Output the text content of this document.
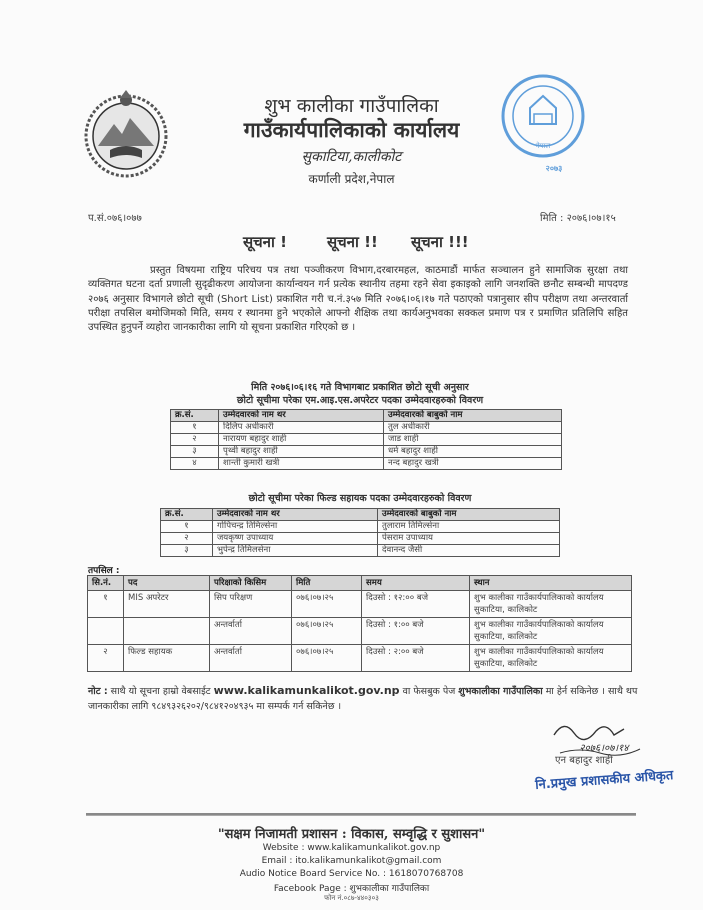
नेपाल
२०७३
शुभ कालीका गाउँपालिका
गाउँकार्यपालिकाको कार्यालय
सुकाटिया,कालीकोट
कर्णाली प्रदेश,नेपाल
प.सं.०७६।०७७	मिति : २०७६।०७।१५
सूचना !	सूचना !! सूचना !!!

प्रस्तुत विषयमा राष्ट्रिय परिचय पत्र तथा पञ्जीकरण विभाग,दरबारमहल, काठमाडौं मार्फत सञ्चालन हुने सामाजिक सुरक्षा तथा व्यक्तिगत घटना दर्ता प्रणाली सुदृढीकरण आयोजना कार्यान्वयन गर्न प्रत्येक स्थानीय तहमा रहने सेवा इकाइको लागि जनशक्ति छनौट सम्बन्धी मापदण्ड २०७६ अनुसार विभागले छोटो सूची (Short List) प्रकाशित गरी च.नं.३५७ मिति २०७६।०६।१७ गते पठाएको पत्रानुसार सीप परीक्षण तथा अन्तरवार्ता परीक्षा तपसिल बमोजिमको मिति, समय र स्थानमा हुने भएकोले आफ्नो शैक्षिक तथा कार्यअनुभवका सक्कल प्रमाण पत्र र प्रमाणित प्रतिलिपि सहित उपस्थित हुनुपर्ने व्यहोरा जानकारीका लागि यो सूचना प्रकाशित गरिएको छ ।

मिति २०७६।०६।१६ गते विभागबाट प्रकाशित छोटो सूची अनुसार
छोटो सूचीमा परेका एम.आइ.एस.अपरेटर पदका उम्मेदवारहरुको विवरण
क्र.सं.	उम्मेदवारको नाम थर	उम्मेदवारको बाबुको नाम
१	दिलिप अधीकारी	तुल अधीकारी
२	नारायण बहादुर शाही	जाड शाही
३	पृथ्वी बहादुर शाही	धर्म बहादुर शाही
४	शान्ती कुमारी खत्री	नन्द बहादुर खत्री
छोटो सूचीमा परेका फिल्ड सहायक पदका उम्मेदवारहरुको विवरण
क्र.सं.	उम्मेदवारको नाम थर	उम्मेदवारको बाबुको नाम
१	गोपिचन्द्र तिमिल्सेना	तुलाराम तिमिल्सेना
२	जयकृष्ण उपाध्याय	पेसराम उपाध्याय
३	भुपेन्द्र तिमिलसेना	देवानन्द जैसी
तपसिल :
सि.नं.	पद	परिक्षाको किसिम	मिति	समय	स्थान
१	MIS अपरेटर	सिप परिक्षण	०७६।०७।२५	दिउसो : १२:०० बजे	शुभ कालीका गाउँकार्यपालिकाको कार्यालय सुकाटिया, कालिकोट
		अन्तर्वार्ता	०७६।०७।२५	दिउसो : १:०० बजे	शुभ कालीका गाउँकार्यपालिकाको कार्यालय सुकाटिया, कालिकोट
२	फिल्ड सहायक	अन्तर्वार्ता	०७६।०७।२५	दिउसो : २:०० बजे	शुभ कालीका गाउँकार्यपालिकाको कार्यालय सुकाटिया, कालिकोट

नोट : साथै यो सूचना हाम्रो वेबसाईट www.kalikamunkalikot.gov.np वा फेसबुक पेज शुभकालीका गाउँपालिका मा हेर्न सकिनेछ । साथै थप जानकारीका लागि ९८४९३२६२०२/९८४१२०४९३५ मा सम्पर्क गर्न सकिनेछ ।

२०७६।०७।१४
एन बहादुर शाही
नि.प्रमुख प्रशासकीय अधिकृत
"सक्षम निजामती प्रशासन : विकास, सम्वृद्धि र सुशासन"
Website : www.kalikamunkalikot.gov.np
Email : ito.kalikamunkalikot@gmail.com
Audio Notice Board Service No. : 1618070768708
Facebook Page : शुभकालीका गाउँपालिका
फोन नं.०८७-४४०३०३
